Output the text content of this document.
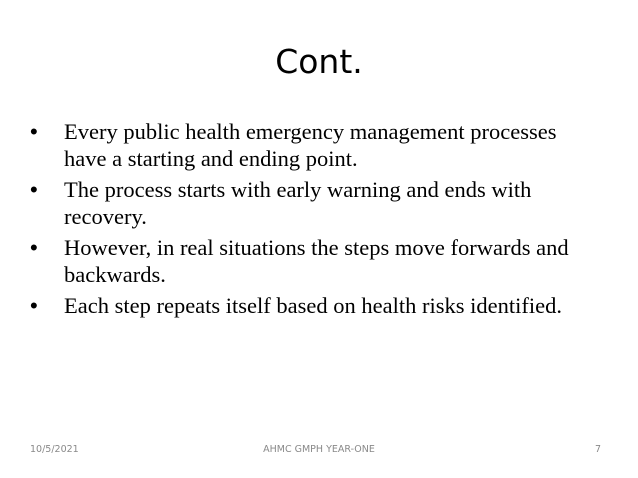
Cont.
•	Every public health emergency management processes have a starting and ending point.
•	The process starts with early warning and ends with recovery.
•	However, in real situations the steps move forwards and backwards.
•	Each step repeats itself based on health risks identified.
10/5/2021	AHMC GMPH YEAR-ONE	7
